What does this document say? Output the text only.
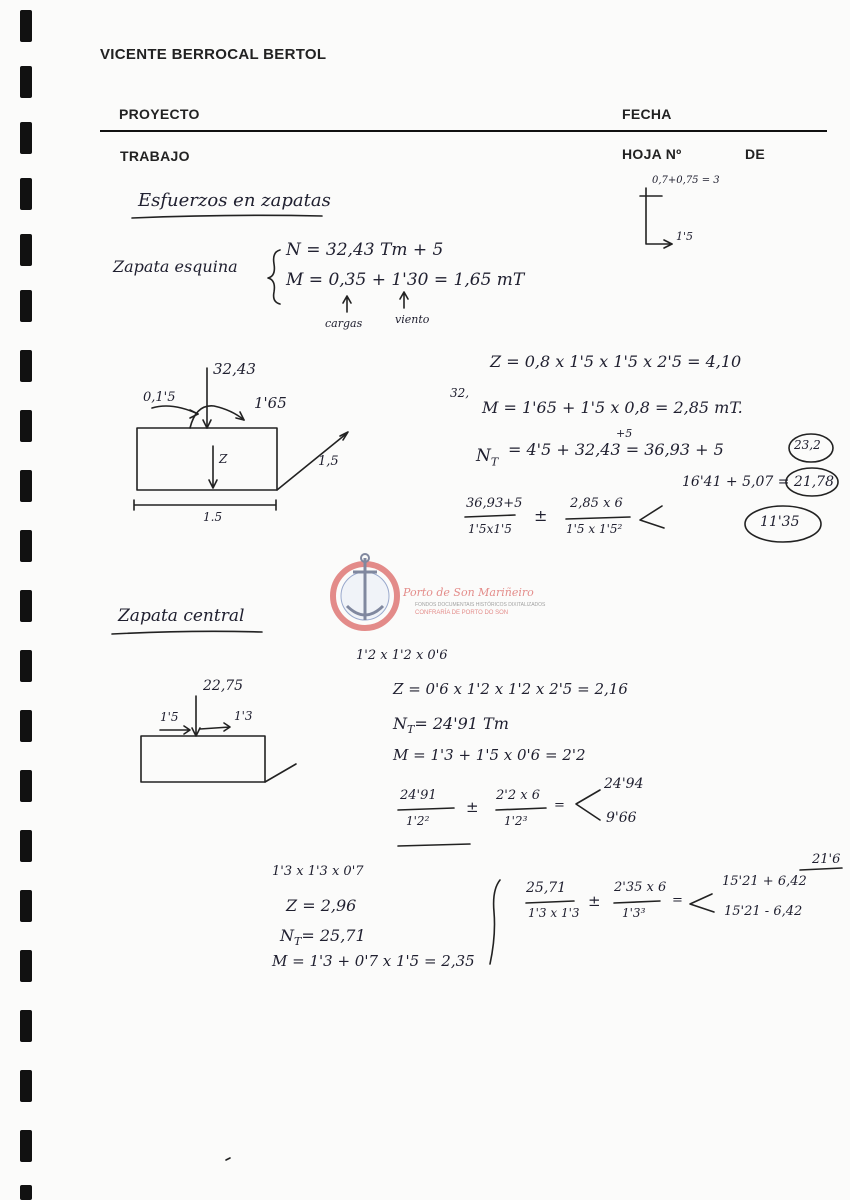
VICENTE BERROCAL BERTOL
PROYECTO	FECHA
TRABAJO	HOJA Nº	DE
Esfuerzos en zapatas
0,7+0,75 = 3
1'5
Zapata esquina
N = 32,43 Tm + 5
M = 0,35 + 1'30 = 1,65 mT
cargas	viento
32,43
0,1'5	1'65
Z	1,5
1.5
Z = 0,8 x 1'5 x 1'5 x 2'5 = 4,10
32,
M = 1'65 + 1'5 x 0,8 = 2,85 mT.
+5
$N_T$
= 4'5 + 32,43 = 36,93 + 5
36,93+5
1'5x1'5
±
2,85 x 6
1'5 x 1'5²
16'41 + 5,07 = 21,78
23,2
11'35
Porto de Son Mariñeiro
FONDOS DOCUMENTAIS HISTÓRICOS DIXITALIZADOS
CONFRARÍA DE PORTO DO SON
Zapata central
1'2 x 1'2 x 0'6
22,75
1'5	1'3
Z = 0'6 x 1'2 x 1'2 x 2'5 = 2,16
$N_T= 24'91$ Tm
M = 1'3 + 1'5 x 0'6 = 2'2
24'91
1'2²
±
2'2 x 6
1'2³
=
24'94
9'66
1'3 x 1'3 x 0'7
Z = 2,96
$N_T= 25,71$
M = 1'3 + 0'7 x 1'5 = 2,35
25,71
1'3 x 1'3
±
2'35 x 6
1'3³
=
15'21 + 6,42
15'21 - 6,42
21'6
